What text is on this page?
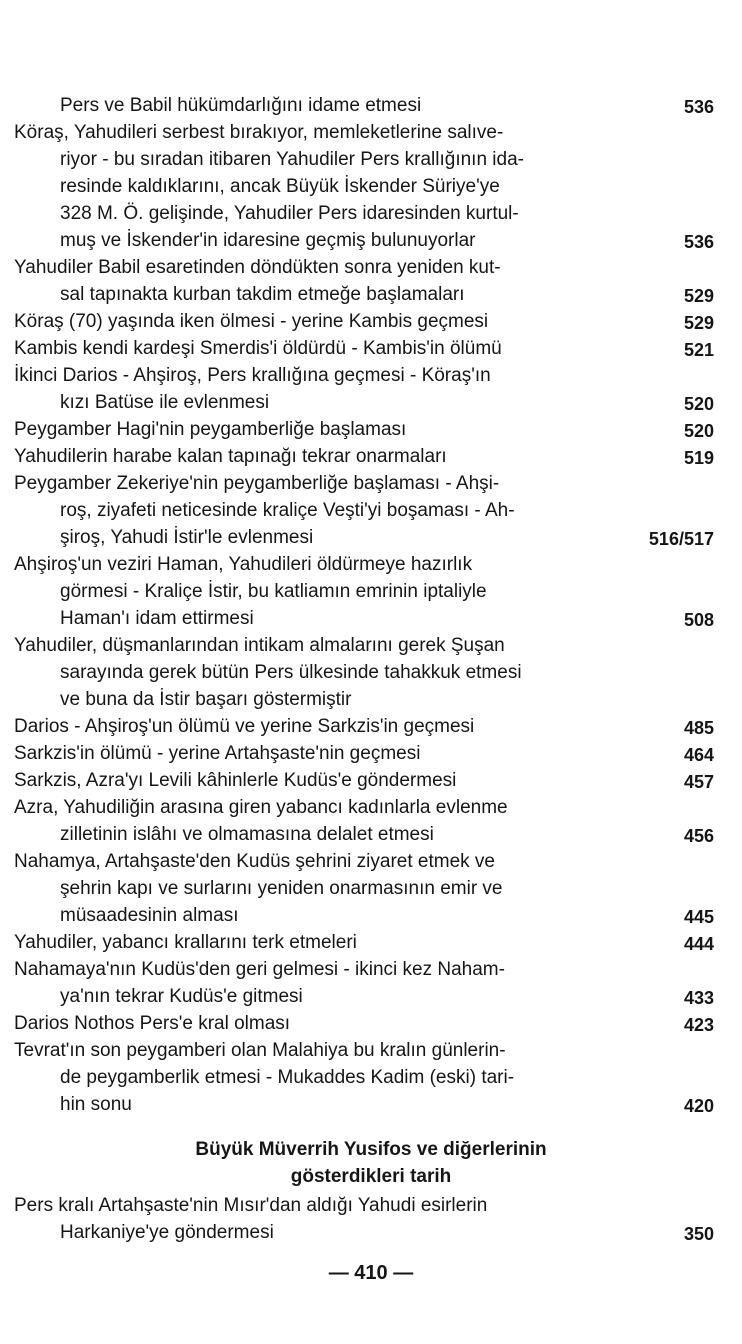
Pers ve Babil hükümdarlığını idame etmesi	536
Köraş, Yahudileri serbest bırakıyor, memleketlerine salıve-
riyor - bu sıradan itibaren Yahudiler Pers krallığının ida-
resinde kaldıklarını, ancak Büyük İskender Süriye'ye
328 M. Ö. gelişinde, Yahudiler Pers idaresinden kurtul-
muş ve İskender'in idaresine geçmiş bulunuyorlar	536
Yahudiler Babil esaretinden döndükten sonra yeniden kut-
sal tapınakta kurban takdim etmeğe başlamaları	529
Köraş (70) yaşında iken ölmesi - yerine Kambis geçmesi	529
Kambis kendi kardeşi Smerdis'i öldürdü - Kambis'in ölümü	521
İkinci Darios - Ahşiroş, Pers krallığına geçmesi - Köraş'ın
kızı Batüse ile evlenmesi	520
Peygamber Hagi'nin peygamberliğe başlaması	520
Yahudilerin harabe kalan tapınağı tekrar onarmaları	519
Peygamber Zekeriye'nin peygamberliğe başlaması - Ahşi-
roş, ziyafeti neticesinde kraliçe Veşti'yi boşaması - Ah-
şiroş, Yahudi İstir'le evlenmesi	516/517
Ahşiroş'un veziri Haman, Yahudileri öldürmeye hazırlık
görmesi - Kraliçe İstir, bu katliamın emrinin iptaliyle
Haman'ı idam ettirmesi	508
Yahudiler, düşmanlarından intikam almalarını gerek Şuşan
sarayında gerek bütün Pers ülkesinde tahakkuk etmesi
ve buna da İstir başarı göstermiştir
Darios - Ahşiroş'un ölümü ve yerine Sarkzis'in geçmesi	485
Sarkzis'in ölümü - yerine Artahşaste'nin geçmesi	464
Sarkzis, Azra'yı Levili kâhinlerle Kudüs'e göndermesi	457
Azra, Yahudiliğin arasına giren yabancı kadınlarla evlenme
zilletinin islâhı ve olmamasına delalet etmesi	456
Nahamya, Artahşaste'den Kudüs şehrini ziyaret etmek ve
şehrin kapı ve surlarını yeniden onarmasının emir ve
müsaadesinin alması	445
Yahudiler, yabancı krallarını terk etmeleri	444
Nahamaya'nın Kudüs'den geri gelmesi - ikinci kez Naham-
ya'nın tekrar Kudüs'e gitmesi	433
Darios Nothos Pers'e kral olması	423
Tevrat'ın son peygamberi olan Malahiya bu kralın günlerin-
de peygamberlik etmesi - Mukaddes Kadim (eski) tari-
hin sonu	420
Büyük Müverrih Yusifos ve diğerlerinin
gösterdikleri tarih
Pers kralı Artahşaste'nin Mısır'dan aldığı Yahudi esirlerin
Harkaniye'ye göndermesi	350
— 410 —
